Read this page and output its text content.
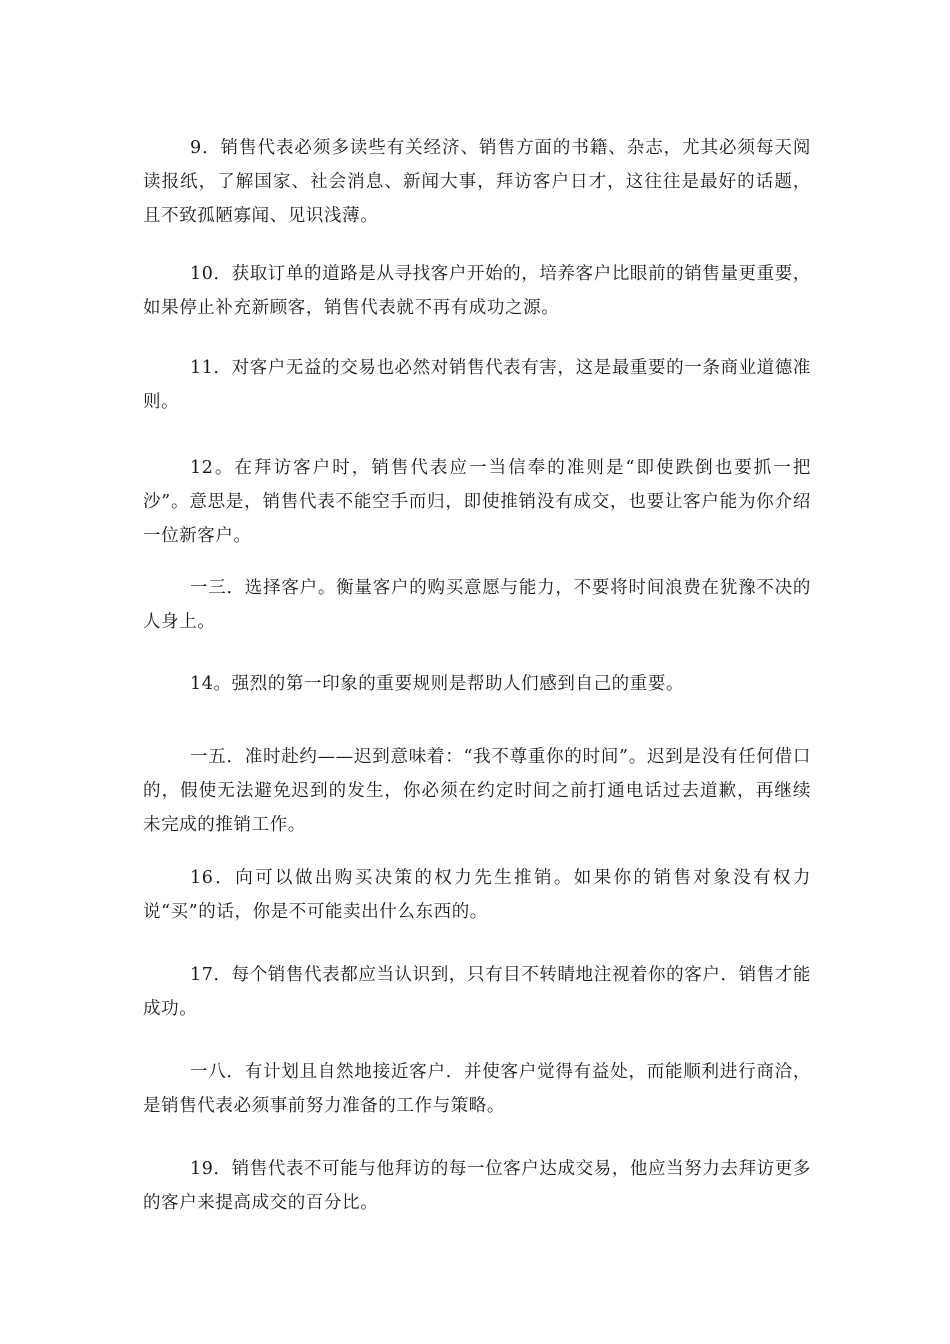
9．销售代表必须多读些有关经济、销售方面的书籍、杂志，尤其必须每天阅读报纸，了解国家、社会消息、新闻大事，拜访客户日才，这往往是最好的话题，且不致孤陋寡闻、见识浅薄。

10．获取订单的道路是从寻找客户开始的，培养客户比眼前的销售量更重要，如果停止补充新顾客，销售代表就不再有成功之源。

11．对客户无益的交易也必然对销售代表有害，这是最重要的一条商业道德准则。

12。在拜访客户时，销售代表应一当信奉的准则是“即使跌倒也要抓一把沙”。意思是，销售代表不能空手而归，即使推销没有成交，也要让客户能为你介绍一位新客户。

一三．选择客户。衡量客户的购买意愿与能力，不要将时间浪费在犹豫不决的人身上。

14。强烈的第一印象的重要规则是帮助人们感到自己的重要。

一五．准时赴约——迟到意味着：“我不尊重你的时间”。迟到是没有任何借口的，假使无法避免迟到的发生，你必须在约定时间之前打通电话过去道歉，再继续未完成的推销工作。

16．向可以做出购买决策的权力先生推销。如果你的销售对象没有权力说“买”的话，你是不可能卖出什么东西的。

17．每个销售代表都应当认识到，只有目不转睛地注视着你的客户．销售才能成功。

一八．有计划且自然地接近客户．并使客户觉得有益处，而能顺利进行商洽，是销售代表必须事前努力准备的工作与策略。

19．销售代表不可能与他拜访的每一位客户达成交易，他应当努力去拜访更多的客户来提高成交的百分比。
